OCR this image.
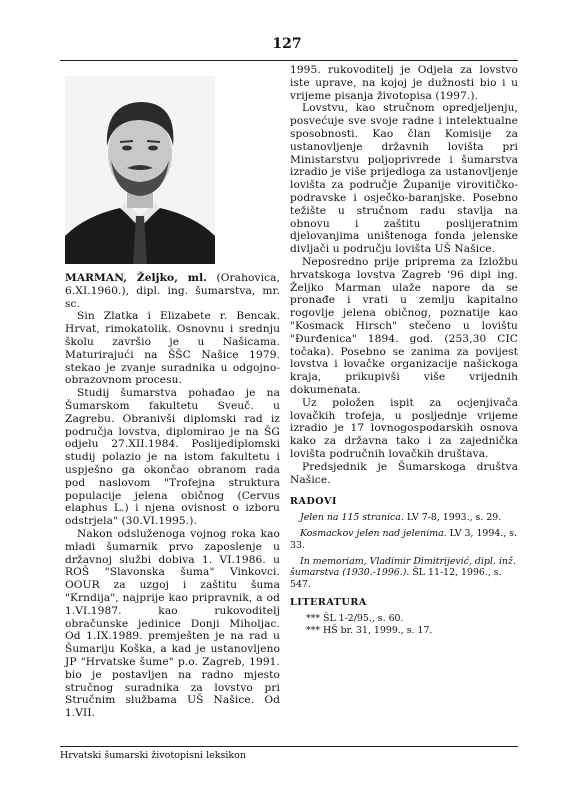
127

MARMAN, Željko, ml. (Orahovica, 6.XI.1960.), dipl. ing. šumarstva, mr. sc.

Sin Zlatka i Elizabete r. Bencak. Hrvat, rimokatolik. Osnovnu i srednju školu završio je u Našicama. Maturirajući na ŠŠC Našice 1979. stekao je zvanje suradnika u odgojno-obrazovnom procesu.

Studij šumarstva pohađao je na Šumarskom fakultetu Sveuč. u Zagrebu. Obranivši diplomski rad iz područja lovstva, diplomirao je na ŠG odjelu 27.XII.1984. Poslijediplomski studij polazio je na istom fakultetu i uspješno ga okončao obranom rada pod naslovom "Trofejna struktura populacije jelena običnog (Cervus elaphus L.) i njena ovisnost o izboru odstrjela" (30.VI.1995.).

Nakon odsluženoga vojnog roka kao mladi šumarnik prvo zaposlenje u državnoj službi dobiva 1. VI.1986. u ROŠ "Slavonska šuma" Vinkovci. OOUR za uzgoj i zaštitu šuma "Krndija", najprije kao pripravnik, a od 1.VI.1987. kao rukovoditelj obračunske jedinice Donji Miholjac. Od 1.IX.1989. premješten je na rad u Šumariju Koška, a kad je ustanovljeno JP "Hrvatske šume" p.o. Zagreb, 1991. bio je postavljen na radno mjesto stručnog suradnika za lovstvo pri Stručnim službama UŠ Našice. Od 1.VII.

1995. rukovoditelj je Odjela za lovstvo iste uprave, na kojoj je dužnosti bio i u vrijeme pisanja životopisa (1997.).

Lovstvu, kao stručnom opredjeljenju, posvećuje sve svoje radne i intelektualne sposobnosti. Kao član Komisije za ustanovljenje državnih lovišta pri Ministarstvu poljoprivrede i šumarstva izradio je više prijedloga za ustanovljenje lovišta za područje Županije virovitičko-podravske i osječko-baranjske. Posebno težište u stručnom radu stavlja na obnovu i zaštitu poslijeratnim djelovanjima uništenoga fonda jelenske divljači u području lovišta UŠ Našice.

Neposredno prije priprema za Izložbu hrvatskoga lovstva Zagreb '96 dipl ing. Željko Marman ulaže napore da se pronađe i vrati u zemlju kapitalno rogovlje jelena običnog, poznatije kao "Kosmack Hirsch" stečeno u lovištu "Đurđenica" 1894. god. (253,30 CIC točaka). Posebno se zanima za povijest lovstva i lovačke organizacije našickoga kraja, prikupivši više vrijednih dokumenata.

Uz položen ispit za ocjenjivača lovačkih trofeja, u posljednje vrijeme izradio je 17 lovnogospodarskih osnova kako za državna tako i za zajednička lovišta područnih lovačkih društava.

Predsjednik je Šumarskoga društva Našice.

RADOVI
Jelen na 115 stranica. LV 7-8, 1993., s. 29.
Kosmackov jelen nad jelenima. LV 3, 1994., s. 33.
In memoriam, Vladimir Dimitrijević, dipl. inž. šumarstva (1930.-1996.). ŠL 11-12, 1996., s. 547.
LITERATURA
*** ŠL 1-2/95., s. 60.
*** HŠ br. 31, 1999., s. 17.
Hrvatski šumarski životopisni leksikon
